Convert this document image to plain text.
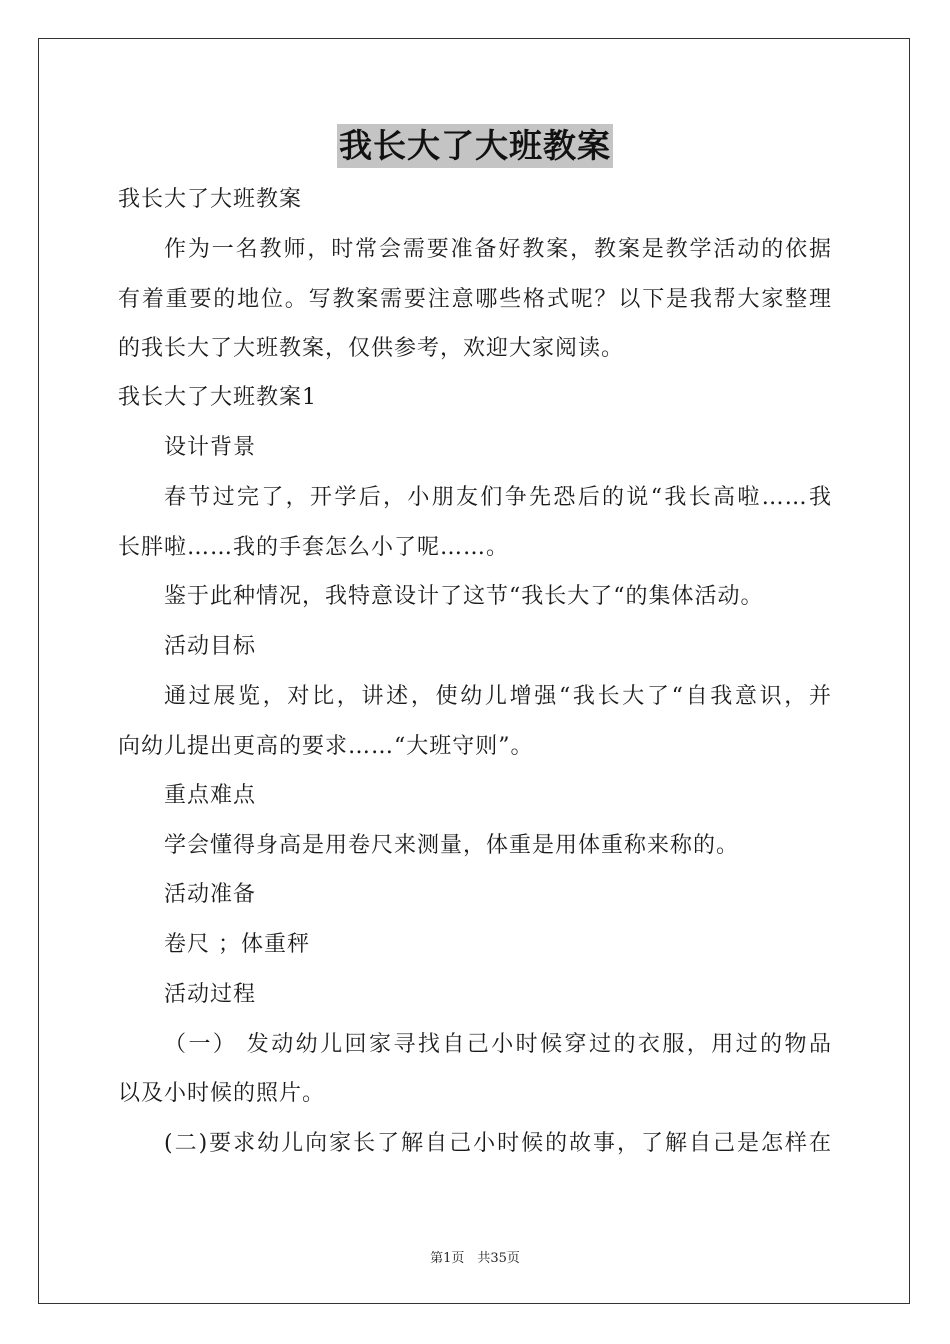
我长大了大班教案
我长大了大班教案
作为一名教师，时常会需要准备好教案，教案是教学活动的依据
有着重要的地位。写教案需要注意哪些格式呢？以下是我帮大家整理
的我长大了大班教案，仅供参考，欢迎大家阅读。
我长大了大班教案1
设计背景
春节过完了，开学后，小朋友们争先恐后的说“我长高啦……我
长胖啦……我的手套怎么小了呢……。
鉴于此种情况，我特意设计了这节“我长大了“的集体活动。
活动目标
通过展览，对比，讲述，使幼儿增强“我长大了“自我意识，并
向幼儿提出更高的要求……“大班守则”。
重点难点
学会懂得身高是用卷尺来测量，体重是用体重称来称的。
活动准备
卷尺 ；体重秤
活动过程
（一） 发动幼儿回家寻找自己小时候穿过的衣服，用过的物品
以及小时候的照片。
(二)要求幼儿向家长了解自己小时候的故事，了解自己是怎样在
第1页　共35页
